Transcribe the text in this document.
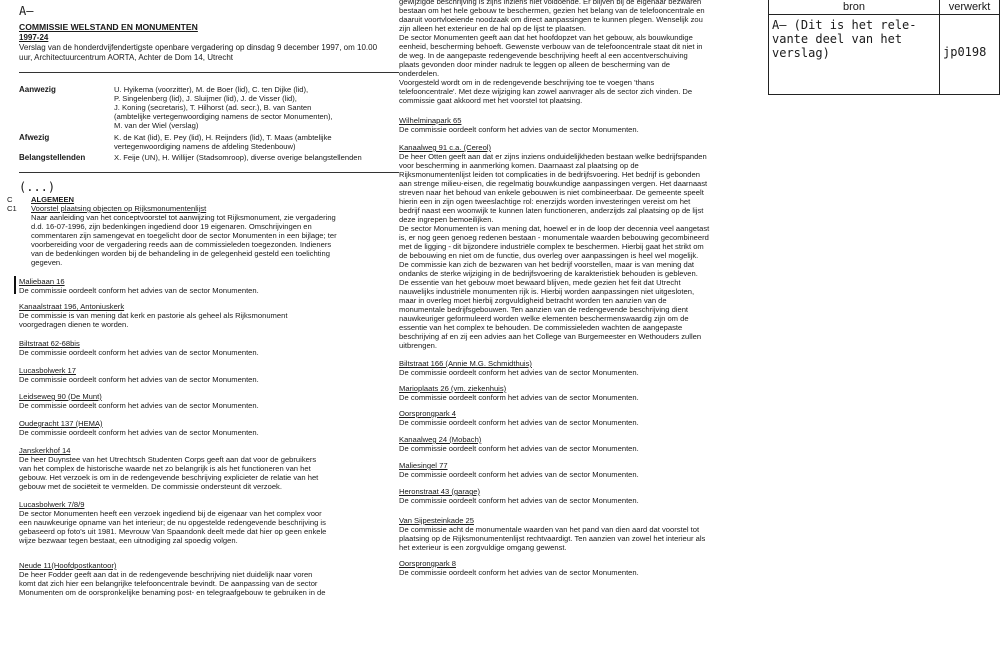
A–
COMMISSIE WELSTAND EN MONUMENTEN
1997-24
Verslag van de honderdvijfendertigste openbare vergadering op dinsdag 9 december 1997, om 10.00 uur, Architectuurcentrum AORTA, Achter de Dom 14, Utrecht
Aanwezig	U. Hyikema (voorzitter), M. de Boer (lid), C. ten Dijke (lid),

P. Singelenberg (lid), J. Sluijmer (lid), J. de Visser (lid),

J. Koning (secretaris), T. Hilhorst (ad. secr.), B. van Santen

(ambtelijke vertegenwoordiging namens de sector Monumenten),

M. van der Wiel (verslag)

Afwezig	K. de Kat (lid), E. Pey (lid), H. Reijnders (lid), T. Maas (ambtelijke

vertegenwoordiging namens de afdeling Stedenbouw)

Belangstellenden	X. Feije (UN), H. Willijer (Stadsomroop), diverse overige belangstellenden

(...)
C ALGEMEEN
C1 Voorstel plaatsing objecten op Rijksmonumentenlijst

Naar aanleiding van het conceptvoorstel tot aanwijzing tot Rijksmonument, zie vergadering

d.d. 16-07-1996, zijn bedenkingen ingediend door 19 eigenaren. Omschrijvingen en

commentaren zijn samengevat en toegelicht door de sector Monumenten in een bijlage; ter

voorbereiding voor de vergadering reeds aan de commissieleden toegezonden. Indieners

van de bedenkingen worden bij de behandeling in de gelegenheid gesteld een toelichting

gegeven.

Maliebaan 16

De commissie oordeelt conform het advies van de sector Monumenten.

Kanaalstraat 196, Antoniuskerk

De commissie is van mening dat kerk en pastorie als geheel als Rijksmonument

voorgedragen dienen te worden.

Biltstraat 62-68bis

De commissie oordeelt conform het advies van de sector Monumenten.

Lucasbolwerk 17

De commissie oordeelt conform het advies van de sector Monumenten.

Leidseweg 90 (De Munt)

De commissie oordeelt conform het advies van de sector Monumenten.

Oudegracht 137 (HEMA)

De commissie oordeelt conform het advies van de sector Monumenten.

Janskerkhof 14

De heer Duynstee van het Utrechtsch Studenten Corps geeft aan dat voor de gebruikers

van het complex de historische waarde net zo belangrijk is als het functioneren van het

gebouw. Het verzoek is om in de redengevende beschrijving explicieter de relatie van het

gebouw met de sociëteit te vermelden. De commissie ondersteunt dit verzoek.

Lucasbolwerk 7/8/9

De sector Monumenten heeft een verzoek ingediend bij de eigenaar van het complex voor

een nauwkeurige opname van het interieur; de nu opgestelde redengevende beschrijving is

gebaseerd op foto's uit 1981. Mevrouw Van Spaandonk deelt mede dat hier op geen enkele

wijze bezwaar tegen bestaat, een uitnodiging zal spoedig volgen.

Neude 11(Hoofdpostkantoor)

De heer Fodder geeft aan dat in de redengevende beschrijving niet duidelijk naar voren

komt dat zich hier een belangrijke telefooncentrale bevindt. De aanpassing van de sector

Monumenten om de oorspronkelijke benaming post- en telegraafgebouw te gebruiken in de

gewijzigde beschrijving is zijns inziens niet voldoende. Er blijven bij de eigenaar bezwaren

bestaan om het hele gebouw te beschermen, gezien het belang van de telefooncentrale en

daaruit voortvloeiende noodzaak om direct aanpassingen te kunnen plegen. Wenselijk zou

zijn alleen het exterieur en de hal op de lijst te plaatsen.

De sector Monumenten geeft aan dat het hoofdopzet van het gebouw, als bouwkundige

eenheid, bescherming behoeft. Gewenste verbouw van de telefooncentrale staat dit niet in

de weg. In de aangepaste redengevende beschrijving heeft al een accentverschuiving

plaats gevonden door minder nadruk te leggen op alleen de bescherming van de

onderdelen.

Voorgesteld wordt om in de redengevende beschrijving toe te voegen 'thans

telefooncentrale'. Met deze wijziging kan zowel aanvrager als de sector zich vinden. De

commissie gaat akkoord met het voorstel tot plaatsing.

Wilhelminapark 65

De commissie oordeelt conform het advies van de sector Monumenten.

Kanaalweg 91 c.a. (Cereol)

De heer Otten geeft aan dat er zijns inziens onduidelijkheden bestaan welke bedrijfspanden

voor bescherming in aanmerking komen. Daarnaast zal plaatsing op de

Rijksmonumentenlijst leiden tot complicaties in de bedrijfsvoering. Het bedrijf is gebonden

aan strenge milieu-eisen, die regelmatig bouwkundige aanpassingen vergen. Het daarnaast

streven naar het behoud van enkele gebouwen is niet combineerbaar. De gemeente speelt

hierin een in zijn ogen tweeslachtige rol: enerzijds worden investeringen vereist om het

bedrijf naast een woonwijk te kunnen laten functioneren, anderzijds zal plaatsing op de lijst

deze ingrepen bemoeilijken.

De sector Monumenten is van mening dat, hoewel er in de loop der decennia veel aangetast

is, er nog geen genoeg redenen bestaan - monumentale waarden bebouwing gecombineerd

met de ligging - dit bijzondere industriële complex te beschermen. Hierbij gaat het strikt om

de bebouwing en niet om de functie, dus overleg over aanpassingen is heel wel mogelijk.

De commissie kan zich de bezwaren van het bedrijf voorstellen, maar is van mening dat

ondanks de sterke wijziging in de bedrijfsvoering de karakteristiek behouden is gebleven.

De essentie van het gebouw moet bewaard blijven, mede gezien het feit dat Utrecht

nauwelijks industriële monumenten rijk is. Hierbij worden aanpassingen niet uitgesloten,

maar in overleg moet hierbij zorgvuldigheid betracht worden ten aanzien van de

monumentale bedrijfsgebouwen. Ten aanzien van de redengevende beschrijving dient

nauwkeuriger geformuleerd worden welke elementen beschermenswaardig zijn om de

essentie van het complex te behouden. De commissieleden wachten de aangepaste

beschrijving af en zij een advies aan het College van Burgemeester en Wethouders zullen

uitbrengen.

Biltstraat 166 (Annie M.G. Schmidthuis)

De commissie oordeelt conform het advies van de sector Monumenten.

Marioplaats 26 (vm. ziekenhuis)

De commissie oordeelt conform het advies van de sector Monumenten.

Oorsprongpark 4

De commissie oordeelt conform het advies van de sector Monumenten.

Kanaalweg 24 (Mobach)

De commissie oordeelt conform het advies van de sector Monumenten.

Maliesingel 77

De commissie oordeelt conform het advies van de sector Monumenten.

Heronstraat 43 (garage)

De commissie oordeelt conform het advies van de sector Monumenten.

Van Sijpesteinkade 25

De commissie acht de monumentale waarden van het pand van dien aard dat voorstel tot

plaatsing op de Rijksmonumentenlijst rechtvaardigt. Ten aanzien van zowel het interieur als

het exterieur is een zorgvuldige omgang gewenst.

Oorsprongpark 8

De commissie oordeelt conform het advies van de sector Monumenten.

bron	verwerkt
A– (Dit is het rele-
vante deel van het
verslag)	jp0198
